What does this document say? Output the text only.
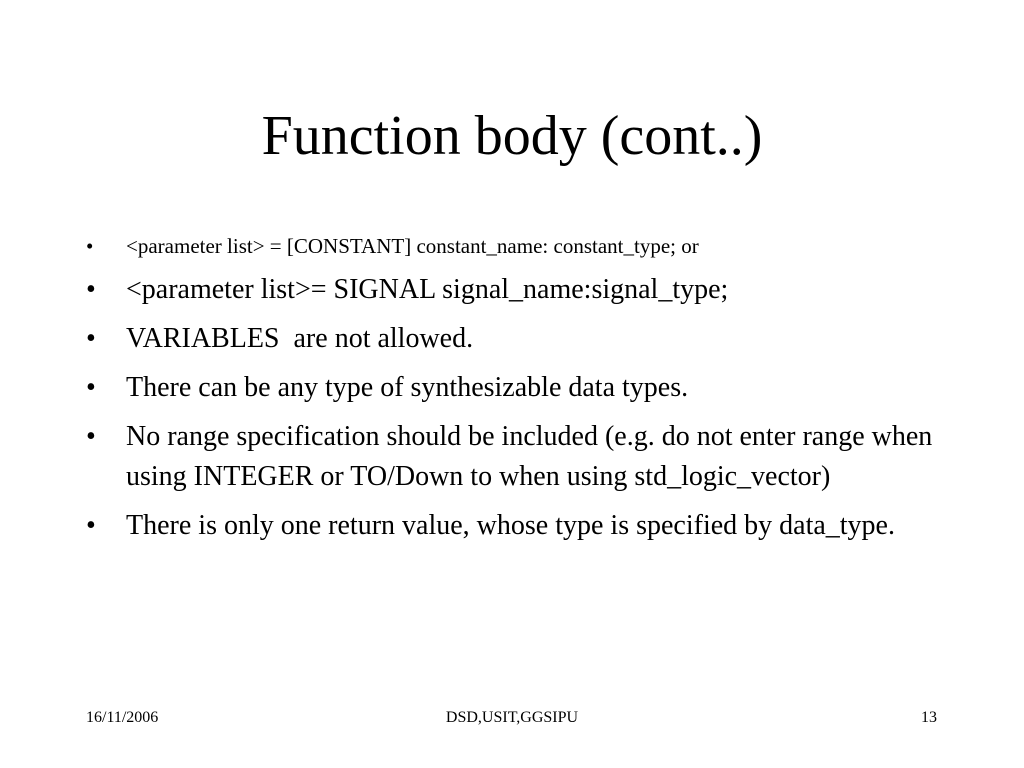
Function body (cont..)
•	<parameter list> = [CONSTANT] constant_name: constant_type; or
•	<parameter list>= SIGNAL signal_name:signal_type;
•	VARIABLES  are not allowed.
•	There can be any type of synthesizable data types.
•	No range specification should be included (e.g. do not enter range when using INTEGER or TO/Down to when using std_logic_vector)
•	There is only one return value, whose type is specified by data_type.
16/11/2006	DSD,USIT,GGSIPU	13
